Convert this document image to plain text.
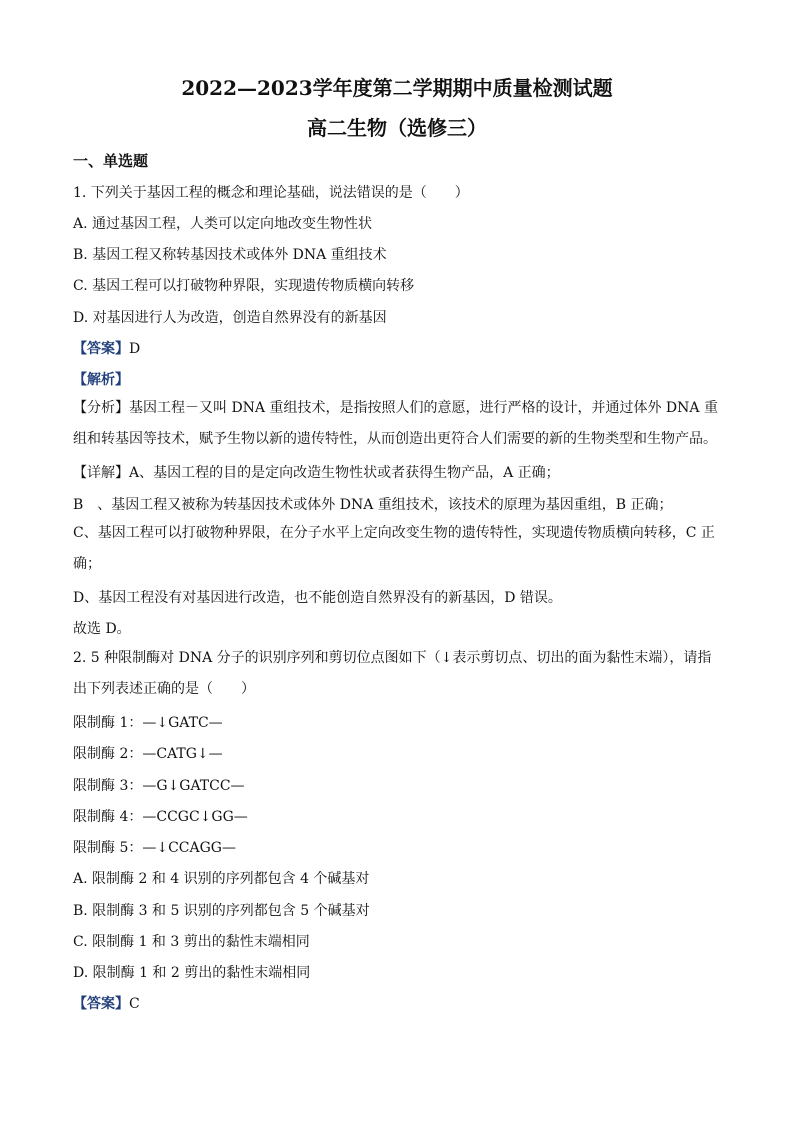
2022—2023学年度第二学期期中质量检测试题
高二生物（选修三）
一、单选题
1. 下列关于基因工程的概念和理论基础，说法错误的是（　　）
A. 通过基因工程，人类可以定向地改变生物性状
B. 基因工程又称转基因技术或体外 DNA 重组技术
C. 基因工程可以打破物种界限，实现遗传物质横向转移
D. 对基因进行人为改造，创造自然界没有的新基因
【答案】D
【解析】
【分析】基因工程－又叫 DNA 重组技术，是指按照人们的意愿，进行严格的设计，并通过体外 DNA 重组和转基因等技术，赋予生物以新的遗传特性，从而创造出更符合人们需要的新的生物类型和生物产品。
【详解】A、基因工程的目的是定向改造生物性状或者获得生物产品，A 正确；
B　、基因工程又被称为转基因技术或体外 DNA 重组技术，该技术的原理为基因重组，B 正确；
C、基因工程可以打破物种界限，在分子水平上定向改变生物的遗传特性，实现遗传物质横向转移，C 正确；
D、基因工程没有对基因进行改造，也不能创造自然界没有的新基因，D 错误。
故选 D。
2. 5 种限制酶对 DNA 分子的识别序列和剪切位点图如下（↓表示剪切点、切出的面为黏性末端），请指出下列表述正确的是（　　）
限制酶 1：—↓GATC—
限制酶 2：—CATG↓—
限制酶 3：—G↓GATCC—
限制酶 4：—CCGC↓GG—
限制酶 5：—↓CCAGG—
A. 限制酶 2 和 4 识别的序列都包含 4 个碱基对
B. 限制酶 3 和 5 识别的序列都包含 5 个碱基对
C. 限制酶 1 和 3 剪出的黏性末端相同
D. 限制酶 1 和 2 剪出的黏性末端相同
【答案】C
